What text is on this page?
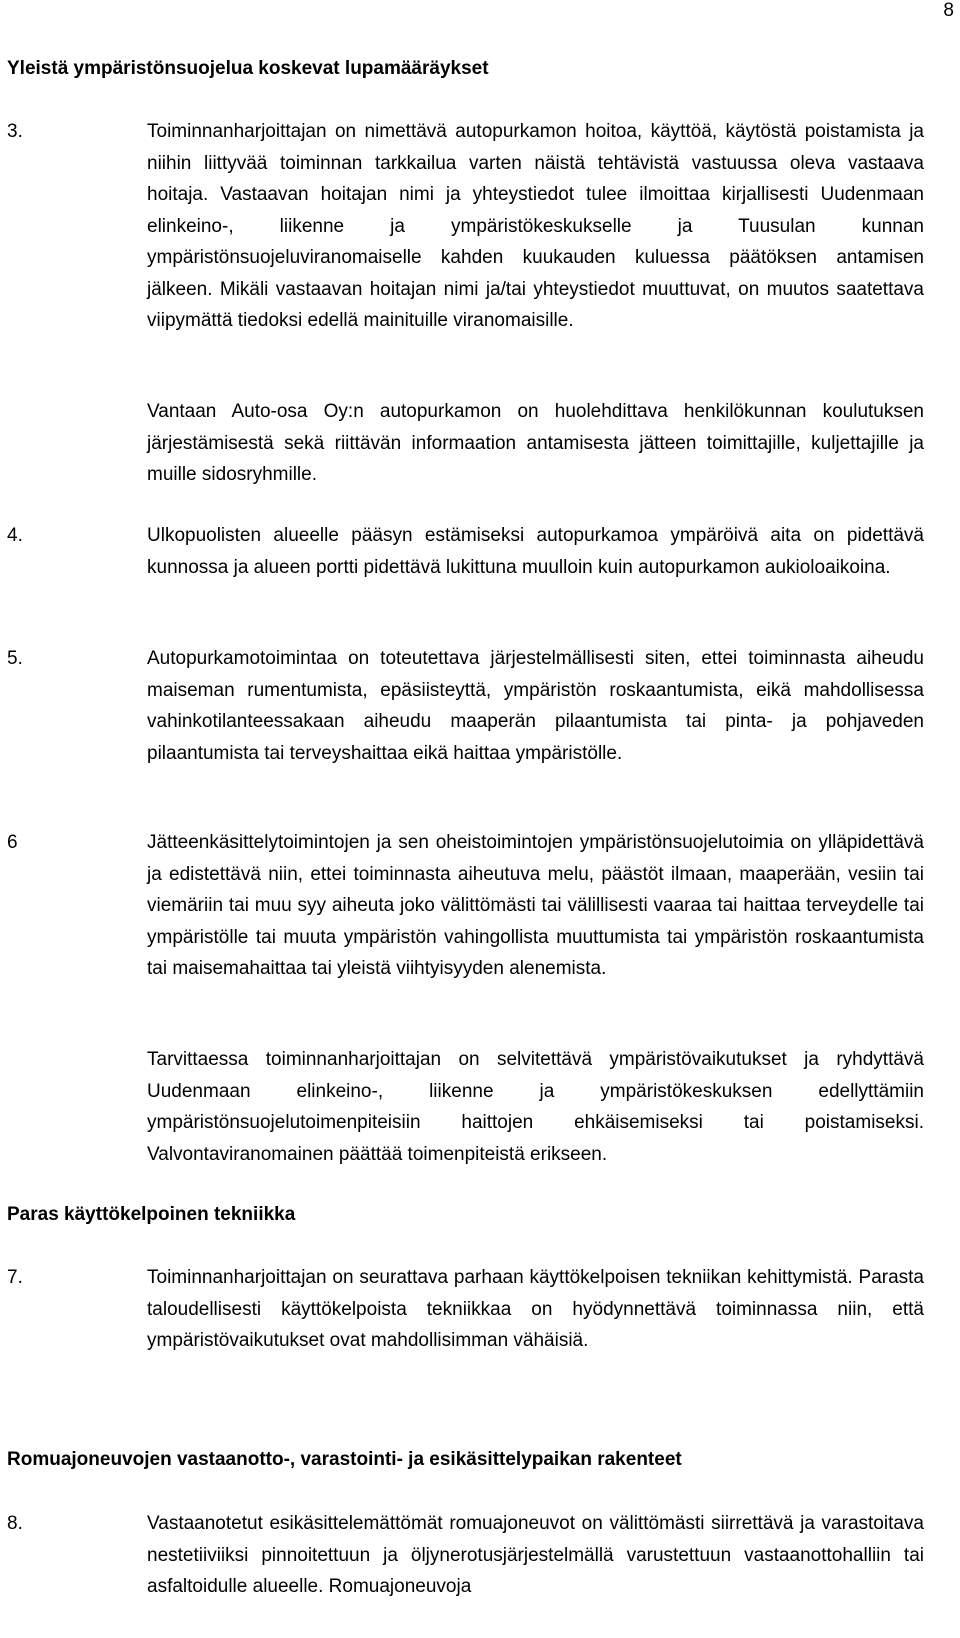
8
Yleistä ympäristönsuojelua koskevat lupamääräykset
3.	Toiminnanharjoittajan on nimettävä autopurkamon hoitoa, käyttöä, käytöstä poistamista ja niihin liittyvää toiminnan tarkkailua varten näistä tehtävistä vastuussa oleva vastaava hoitaja. Vastaavan hoitajan nimi ja yhteystiedot tulee ilmoittaa kirjallisesti Uudenmaan elinkeino-, liikenne ja ympäristökeskukselle ja Tuusulan kunnan ympäristönsuojeluviranomaiselle kahden kuukauden kuluessa päätöksen antamisen jälkeen. Mikäli vastaavan hoitajan nimi ja/tai yhteystiedot muuttuvat, on muutos saatettava viipymättä tiedoksi edellä mainituille viranomaisille.

Vantaan Auto-osa Oy:n autopurkamon on huolehdittava henkilökunnan koulutuksen järjestämisestä sekä riittävän informaation antamisesta jätteen toimittajille, kuljettajille ja muille sidosryhmille.

4.	Ulkopuolisten alueelle pääsyn estämiseksi autopurkamoa ympäröivä aita on pidettävä kunnossa ja alueen portti pidettävä lukittuna muulloin kuin autopurkamon aukioloaikoina.

5.	Autopurkamotoimintaa on toteutettava järjestelmällisesti siten, ettei toiminnasta aiheudu maiseman rumentumista, epäsiisteyttä, ympäristön roskaantumista, eikä mahdollisessa vahinkotilanteessakaan aiheudu maaperän pilaantumista tai pinta- ja pohjaveden pilaantumista tai terveyshaittaa eikä haittaa ympäristölle.

6	Jätteenkäsittelytoimintojen ja sen oheistoimintojen ympäristönsuojelutoimia on ylläpidettävä ja edistettävä niin, ettei toiminnasta aiheutuva melu, päästöt ilmaan, maaperään, vesiin tai viemäriin tai muu syy aiheuta joko välittömästi tai välillisesti vaaraa tai haittaa terveydelle tai ympäristölle tai muuta ympäristön vahingollista muuttumista tai ympäristön roskaantumista tai maisemahaittaa tai yleistä viihtyisyyden alenemista.

Tarvittaessa toiminnanharjoittajan on selvitettävä ympäristövaikutukset ja ryhdyttävä Uudenmaan elinkeino-, liikenne ja ympäristökeskuksen edellyttämiin ympäristönsuojelutoimenpiteisiin haittojen ehkäisemiseksi tai poistamiseksi. Valvontaviranomainen päättää toimenpiteistä erikseen.

Paras käyttökelpoinen tekniikka
7.	Toiminnanharjoittajan on seurattava parhaan käyttökelpoisen tekniikan kehittymistä. Parasta taloudellisesti käyttökelpoista tekniikkaa on hyödynnettävä toiminnassa niin, että ympäristövaikutukset ovat mahdollisimman vähäisiä.

Romuajoneuvojen vastaanotto-, varastointi- ja esikäsittelypaikan rakenteet
8.	Vastaanotetut esikäsittelemättömät romuajoneuvot on välittömästi siirrettävä ja varastoitava nestetiiviiksi pinnoitettuun ja öljynerotusjärjestelmällä varustettuun vastaanottohalliin tai asfaltoidulle alueelle. Romuajoneuvoja
